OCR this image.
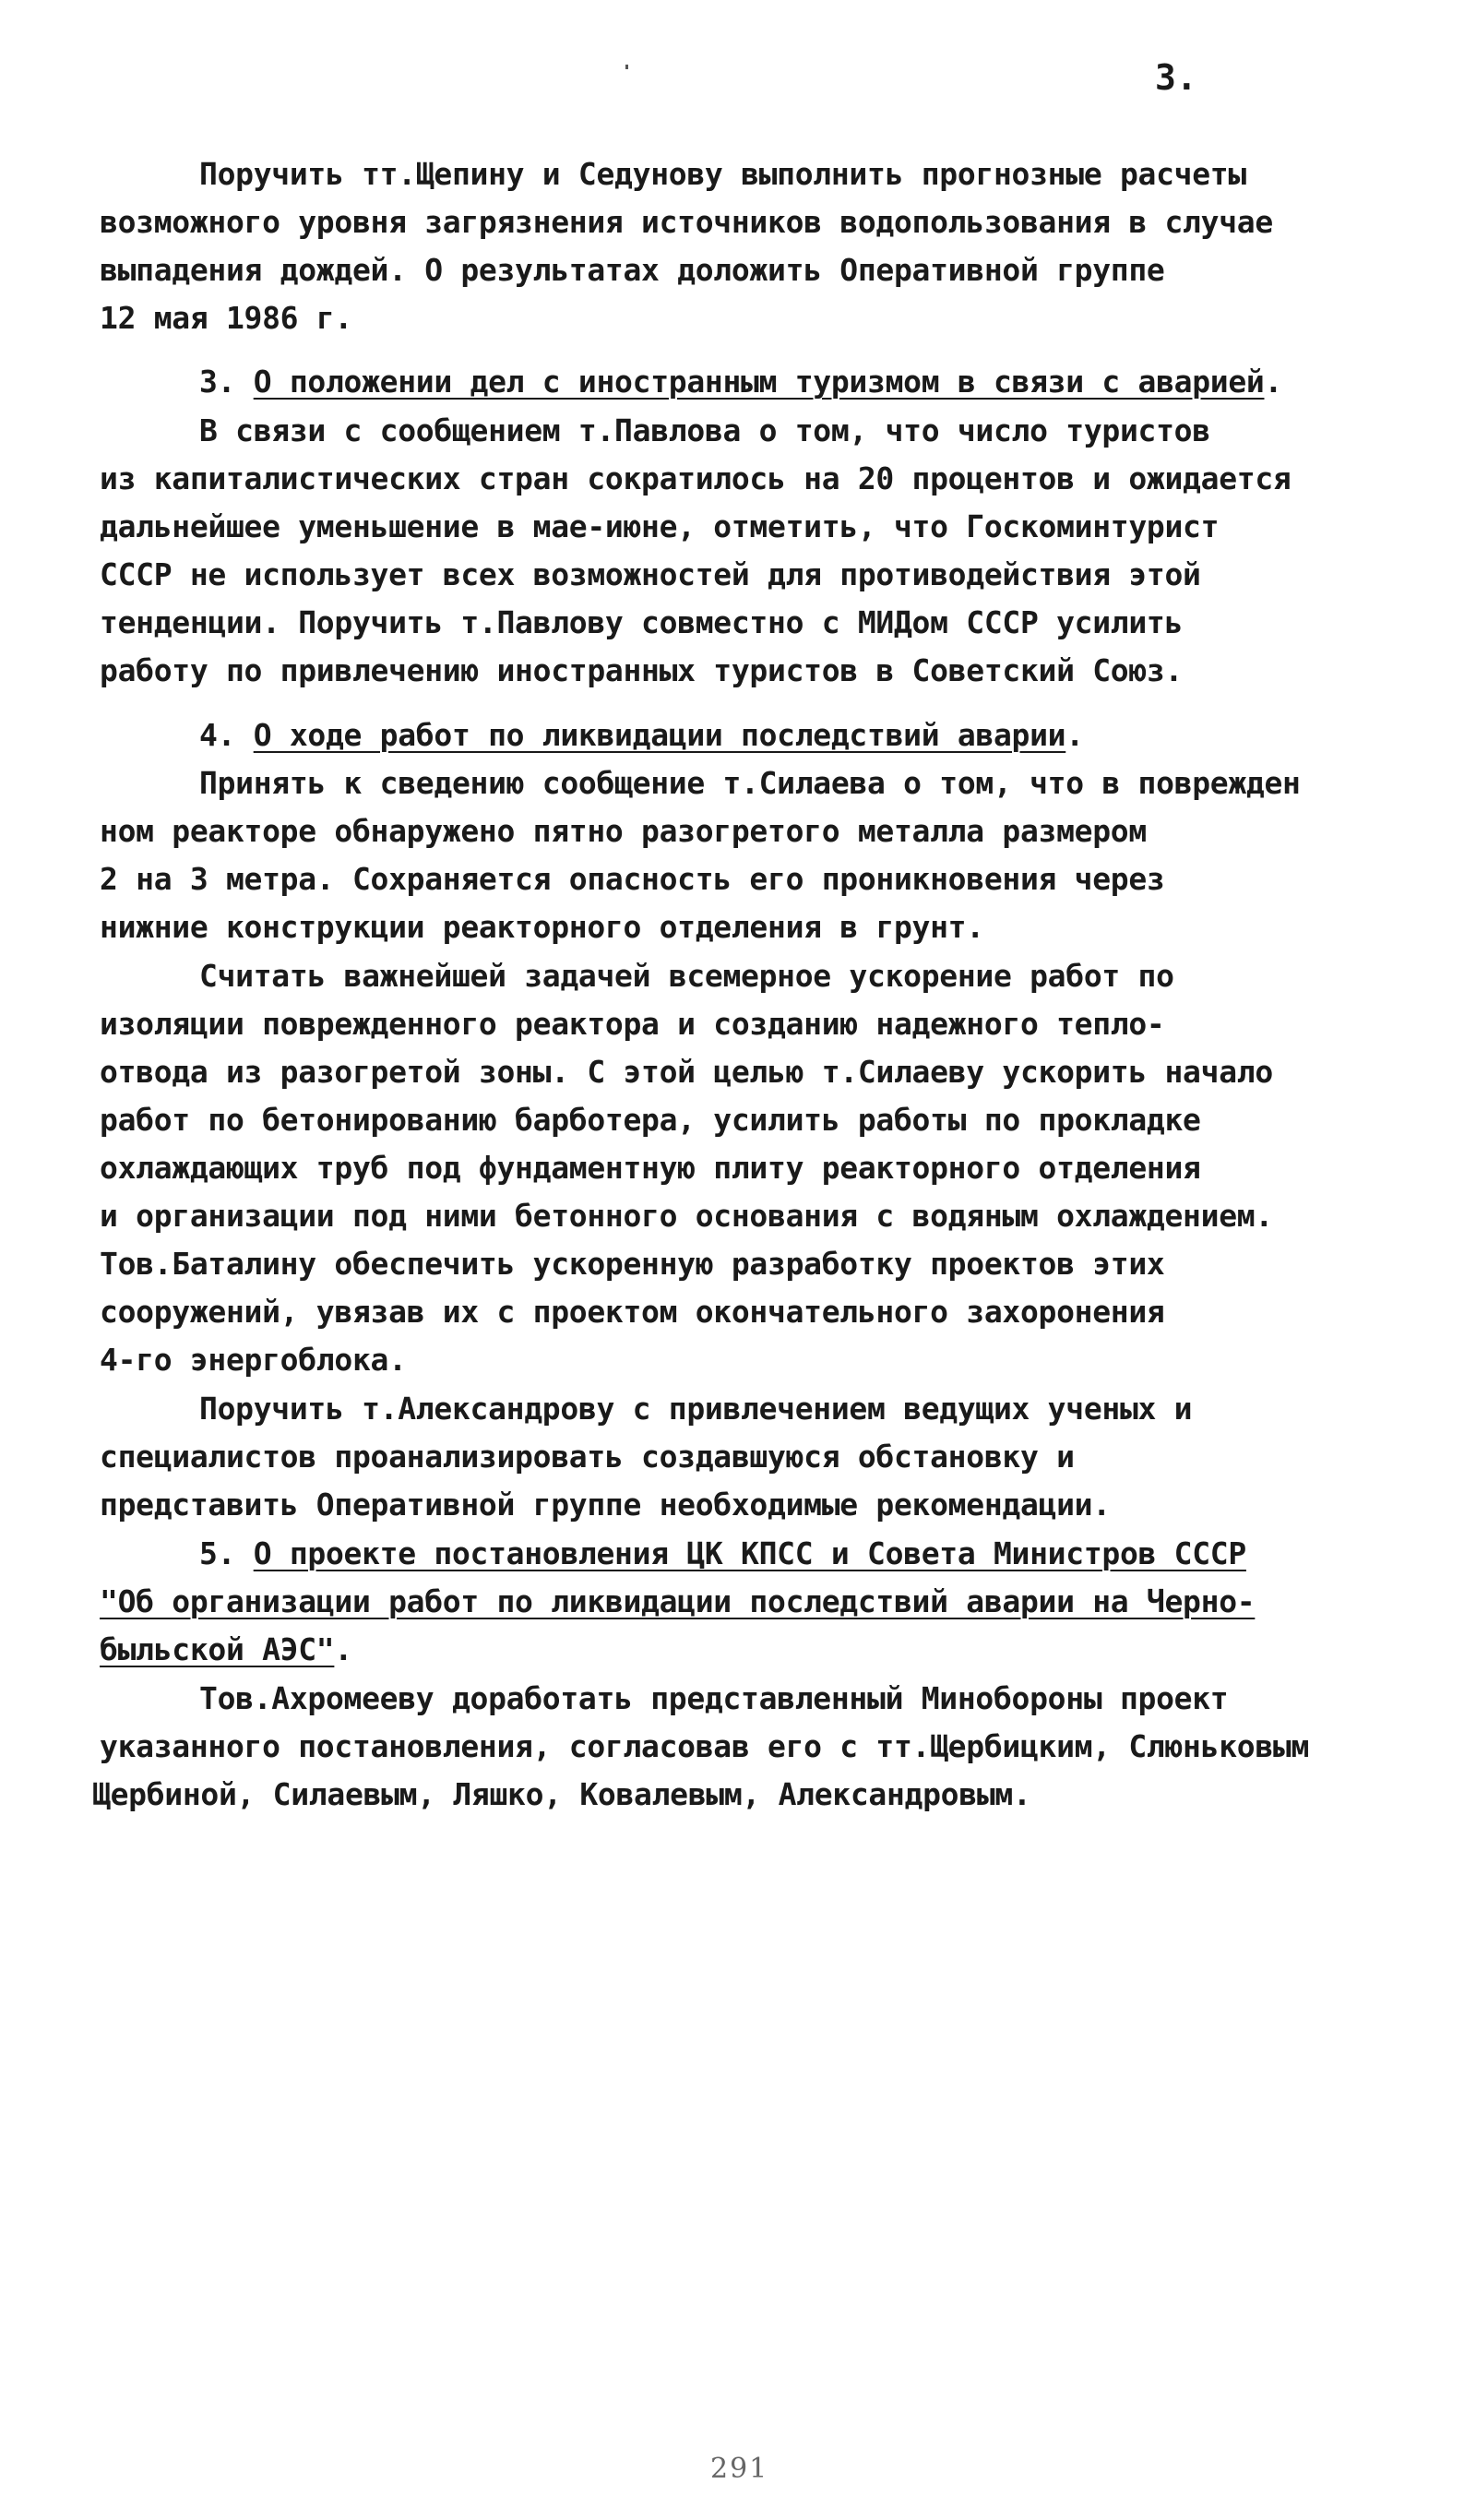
3.
Поручить тт.Щепину и Седунову выполнить прогнозные расчеты
возможного уровня загрязнения источников водопользования в случае
выпадения дождей. О результатах доложить Оперативной группе
12 мая 1986 г.
3. О положении дел с иностранным туризмом в связи с аварией.
В связи с сообщением т.Павлова о том, что число туристов
из капиталистических стран сократилось на 20 процентов и ожидается
дальнейшее уменьшение в мае-июне, отметить, что Госкоминтурист
СССР не использует всех возможностей для противодействия этой
тенденции. Поручить т.Павлову совместно с МИДом СССР усилить
работу по привлечению иностранных туристов в Советский Союз.
4. О ходе работ по ликвидации последствий аварии.
Принять к сведению сообщение т.Силаева о том, что в поврежден
ном реакторе обнаружено пятно разогретого металла размером
2 на 3 метра. Сохраняется опасность его проникновения через
нижние конструкции реакторного отделения в грунт.
Считать важнейшей задачей всемерное ускорение работ по
изоляции поврежденного реактора и созданию надежного тепло-
отвода из разогретой зоны. С этой целью т.Силаеву ускорить начало
работ по бетонированию барботера, усилить работы по прокладке
охлаждающих труб под фундаментную плиту реакторного отделения
и организации под ними бетонного основания с водяным охлаждением.
Тов.Баталину обеспечить ускоренную разработку проектов этих
сооружений, увязав их с проектом окончательного захоронения
4-го энергоблока.
Поручить т.Александрову с привлечением ведущих ученых и
специалистов проанализировать создавшуюся обстановку и
представить Оперативной группе необходимые рекомендации.
5. О проекте постановления ЦК КПСС и Совета Министров СССР
"Об организации работ по ликвидации последствий аварии на Черно-
быльской АЭС".
Тов.Ахромееву доработать представленный Минобороны проект
указанного постановления, согласовав его с тт.Щербицким, Слюньковым
Щербиной, Силаевым, Ляшко, Ковалевым, Александровым.
291
